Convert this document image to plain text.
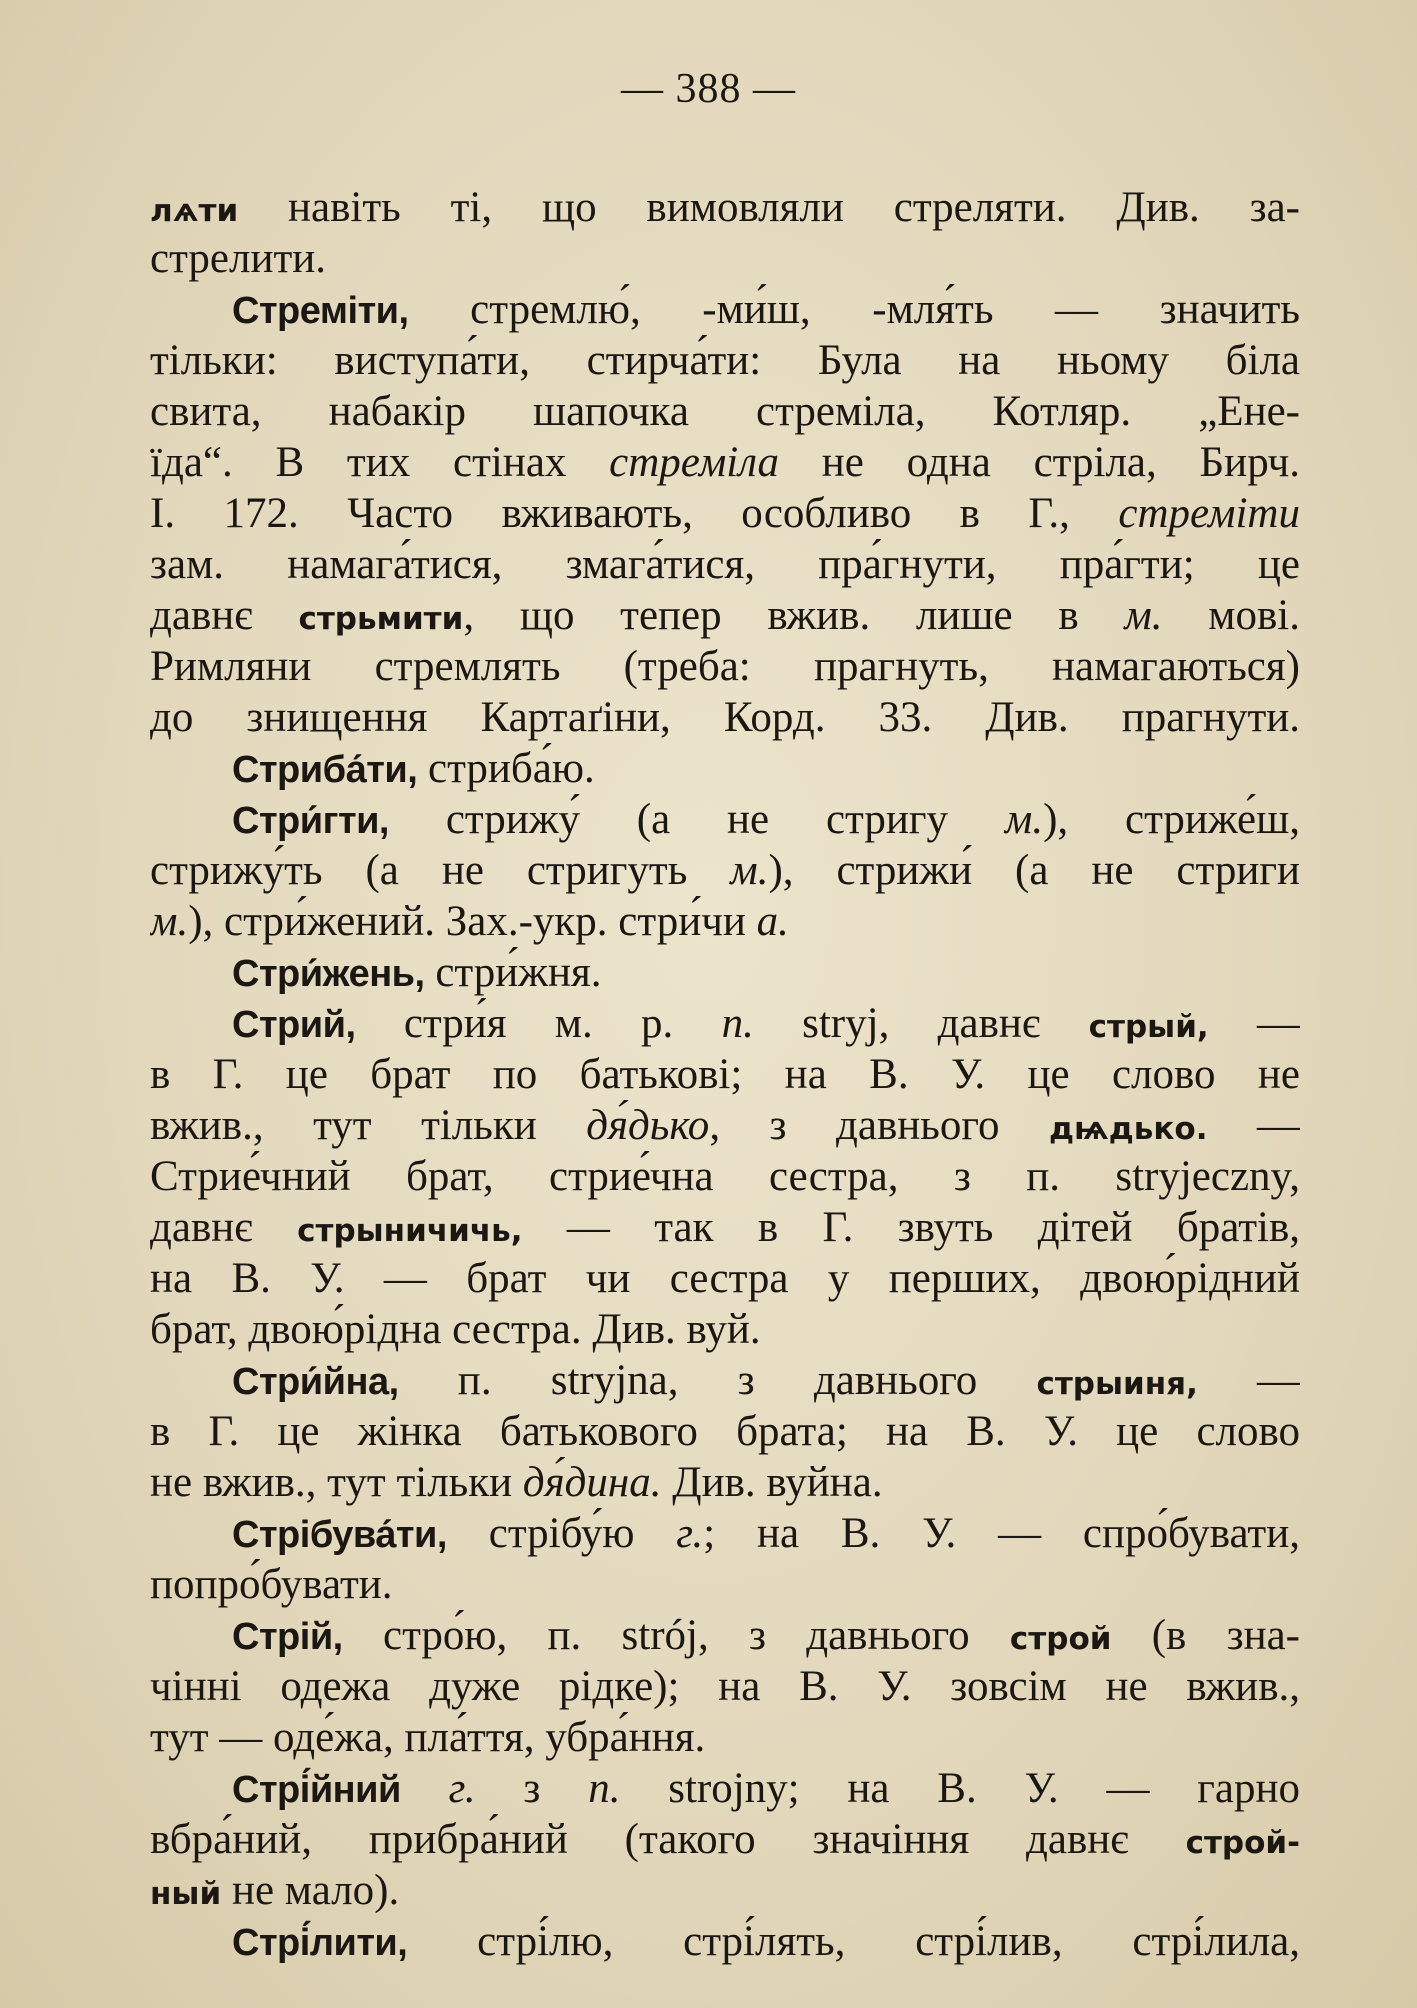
— 388 —
лѧти навіть ті, що вимовляли стреляти. Див. за-
стрелити.
Стреміти, стремлю́, -ми́ш, -мля́ть — значить
тільки: виступа́ти, стирча́ти: Була на ньому біла
свита, набакір шапочка стреміла, Котляр. „Ене-
їда“. В тих стінах стреміла не одна стріла, Бирч.
I. 172. Часто вживають, особливо в Г., стреміти
зам. намага́тися, змага́тися, пра́гнути, пра́гти; це
давнє стрьмити, що тепер вжив. лише в м. мові.
Римляни стремлять (треба: прагнуть, намагаються)
до знищення Картаґіни, Корд. 33. Див. прагнути.
Стриба́ти, стриба́ю.
Стри́гти, стрижу́ (а не стригу м.), стриже́ш,
стрижу́ть (а не стригуть м.), стрижи́ (а не стриги
м.), стри́жений. Зах.-укр. стри́чи а.
Стри́жень, стри́жня.
Стрий, стри́я м. р. п. stryj, давнє стрый, —
в Г. це брат по батькові; на В. У. це слово не
вжив., тут тільки дя́дько, з давнього дѩдько. —
Стрие́чний брат, стрие́чна сестра, з п. stryjeczny,
давнє стрыничичь, — так в Г. звуть дітей братів,
на В. У. — брат чи сестра у перших, двою́рідний
брат, двою́рідна сестра. Див. вуй.
Стри́йна, п. stryjna, з давнього стрыиня, —
в Г. це жінка батькового брата; на В. У. це слово
не вжив., тут тільки дя́дина. Див. вуйна.
Стрібува́ти, стрібу́ю г.; на В. У. — спро́бувати,
попро́бувати.
Стрій, стро́ю, п. strój, з давнього строй (в зна-
чінні одежа дуже рідке); на В. У. зовсім не вжив.,
тут — оде́жа, пла́ття, убра́ння.
Стрі́йний г. з п. strojny; на В. У. — гарно
вбра́ний, прибра́ний (такого значіння давнє строй-
ный не мало).
Стрі́лити, стрі́лю, стрі́лять, стрі́лив, стрі́лила,
